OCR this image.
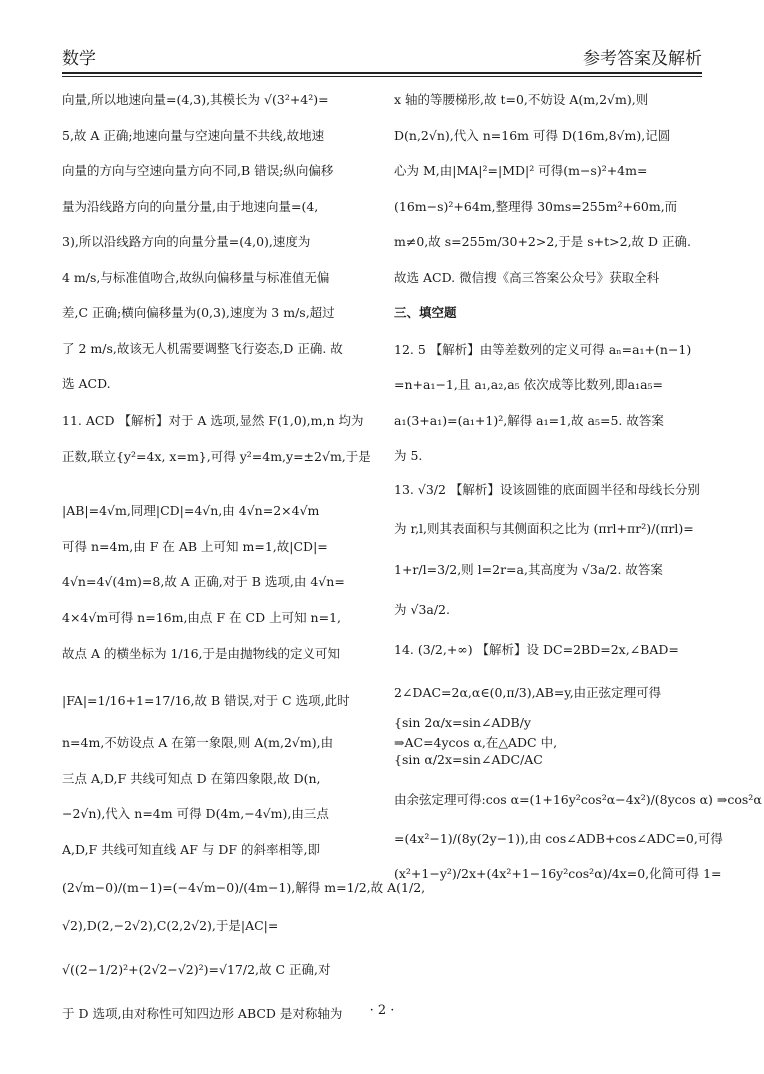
数学	参考答案及解析
向量,所以地速向量=(4,3),其模长为 √(3²+4²)=
5,故 A 正确;地速向量与空速向量不共线,故地速
向量的方向与空速向量方向不同,B 错误;纵向偏移
量为沿线路方向的向量分量,由于地速向量=(4,
3),所以沿线路方向的向量分量=(4,0),速度为
4 m/s,与标准值吻合,故纵向偏移量与标准值无偏
差,C 正确;横向偏移量为(0,3),速度为 3 m/s,超过
了 2 m/s,故该无人机需要调整飞行姿态,D 正确. 故
选 ACD.
11. ACD 【解析】对于 A 选项,显然 F(1,0),m,n 均为
正数,联立{y²=4x, x=m},可得 y²=4m,y=±2√m,于是
|AB|=4√m,同理|CD|=4√n,由 4√n=2×4√m
可得 n=4m,由 F 在 AB 上可知 m=1,故|CD|=
4√n=4√(4m)=8,故 A 正确,对于 B 选项,由 4√n=
4×4√m可得 n=16m,由点 F 在 CD 上可知 n=1,
故点 A 的横坐标为 1/16,于是由抛物线的定义可知
|FA|=1/16+1=17/16,故 B 错误,对于 C 选项,此时
n=4m,不妨设点 A 在第一象限,则 A(m,2√m),由
三点 A,D,F 共线可知点 D 在第四象限,故 D(n,
−2√n),代入 n=4m 可得 D(4m,−4√m),由三点
A,D,F 共线可知直线 AF 与 DF 的斜率相等,即
(2√m−0)/(m−1)=(−4√m−0)/(4m−1),解得 m=1/2,故 A(1/2,
√2),D(2,−2√2),C(2,2√2),于是|AC|=
√((2−1/2)²+(2√2−√2)²)=√17/2,故 C 正确,对
于 D 选项,由对称性可知四边形 ABCD 是对称轴为
x 轴的等腰梯形,故 t=0,不妨设 A(m,2√m),则
D(n,2√n),代入 n=16m 可得 D(16m,8√m),记圆
心为 M,由|MA|²=|MD|² 可得(m−s)²+4m=
(16m−s)²+64m,整理得 30ms=255m²+60m,而
m≠0,故 s=255m/30+2>2,于是 s+t>2,故 D 正确.
故选 ACD. 微信搜《高三答案公众号》获取全科
三、填空题
12. 5 【解析】由等差数列的定义可得 aₙ=a₁+(n−1)
=n+a₁−1,且 a₁,a₂,a₅ 依次成等比数列,即a₁a₅=
a₁(3+a₁)=(a₁+1)²,解得 a₁=1,故 a₅=5. 故答案
为 5.
13. √3/2 【解析】设该圆锥的底面圆半径和母线长分别
为 r,l,则其表面积与其侧面积之比为 (πrl+πr²)/(πrl)=
1+r/l=3/2,则 l=2r=a,其高度为 √3a/2. 故答案
为 √3a/2.
14. (3/2,+∞) 【解析】设 DC=2BD=2x,∠BAD=
2∠DAC=2α,α∈(0,π/3),AB=y,由正弦定理可得
{sin 2α/x=sin∠ADB/y
⇒AC=4ycos α,在△ADC 中,
{sin α/2x=sin∠ADC/AC
由余弦定理可得:cos α=(1+16y²cos²α−4x²)/(8ycos α) ⇒cos²α
=(4x²−1)/(8y(2y−1)),由 cos∠ADB+cos∠ADC=0,可得
(x²+1−y²)/2x+(4x²+1−16y²cos²α)/4x=0,化简可得 1=
· 2 ·
